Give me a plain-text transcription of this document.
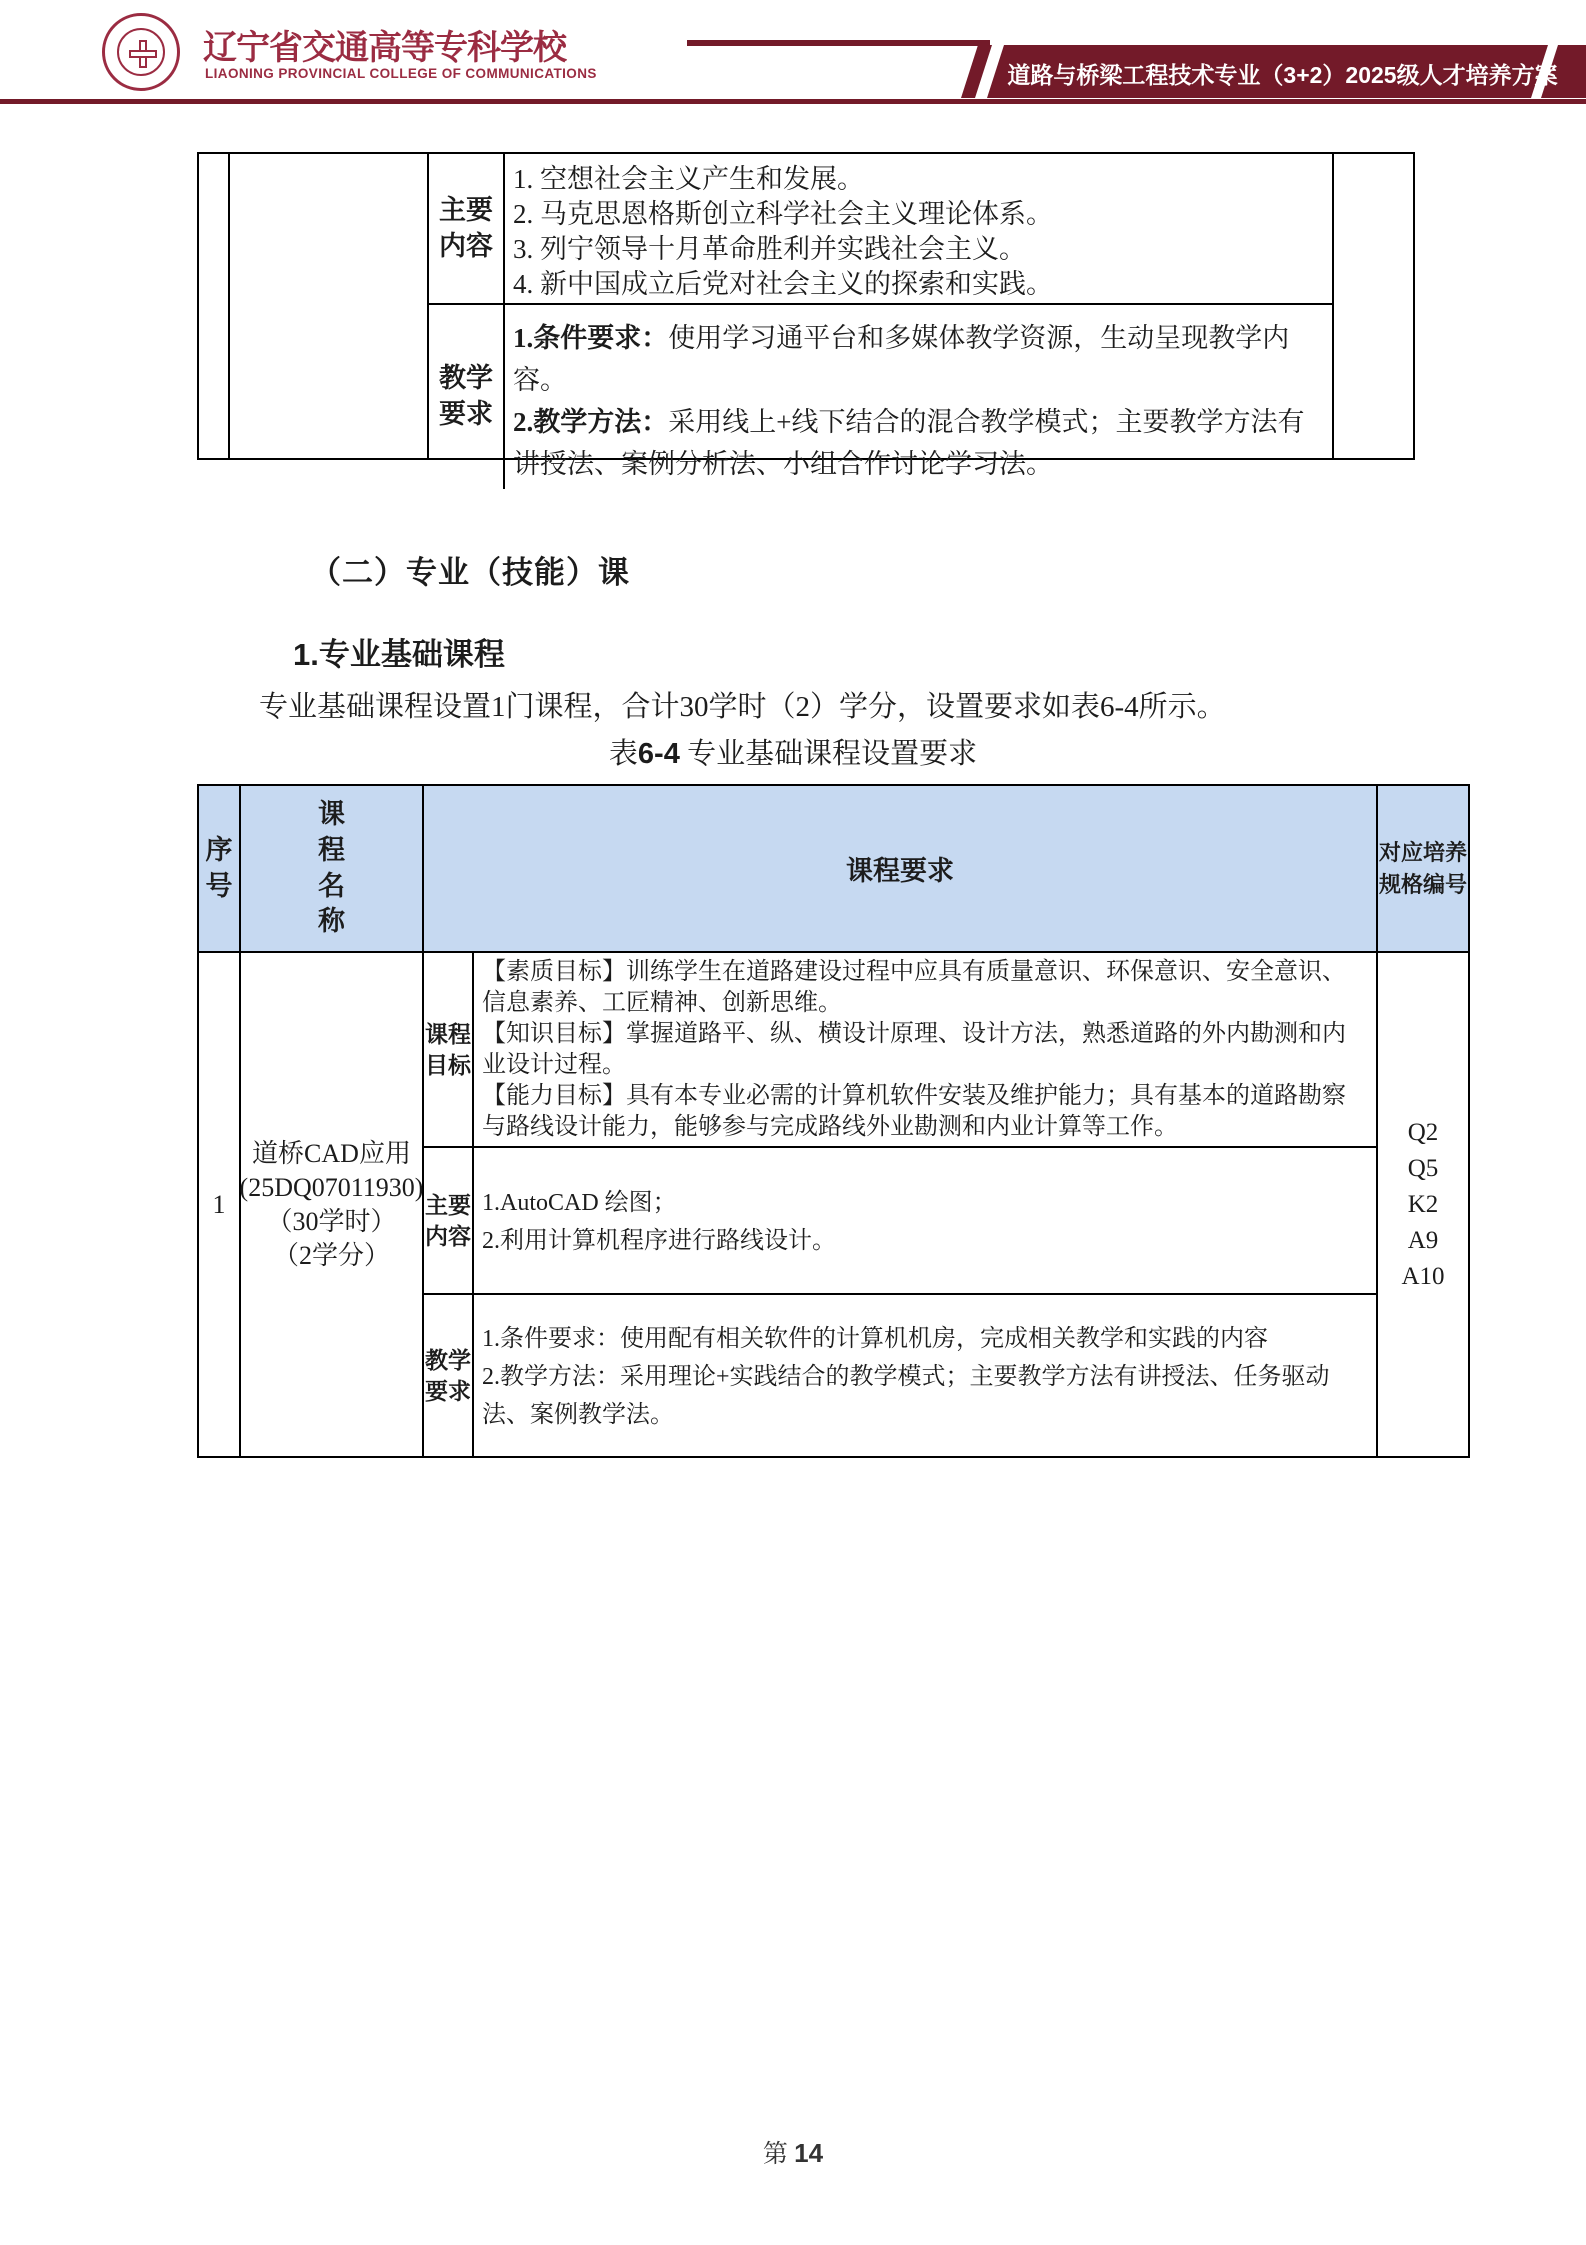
辽宁省交通高等专科学校
LIAONING PROVINCIAL COLLEGE OF COMMUNICATIONS	道路与桥梁工程技术专业（3+2）2025级人才培养方案
主要内容

1. 空想社会主义产生和发展。

2. 马克思恩格斯创立科学社会主义理论体系。

3. 列宁领导十月革命胜利并实践社会主义。

4. 新中国成立后党对社会主义的探索和实践。

教学要求

1.条件要求：使用学习通平台和多媒体教学资源，生动呈现教学内容。

2.教学方法：采用线上+线下结合的混合教学模式；主要教学方法有讲授法、案例分析法、小组合作讨论学习法。

（二）专业（技能）课
1.专业基础课程
专业基础课程设置1门课程，合计30学时（2）学分，设置要求如表6-4所示。
表6-4 专业基础课程设置要求
序号
课程名称
课程要求
对应培养
规格编号
1
道桥CAD应用
(25DQ07011930)
（30学时）
（2学分）
课程目标

【素质目标】训练学生在道路建设过程中应具有质量意识、环保意识、安全意识、信息素养、工匠精神、创新思维。

【知识目标】掌握道路平、纵、横设计原理、设计方法，熟悉道路的外内勘测和内业设计过程。

【能力目标】具有本专业必需的计算机软件安装及维护能力；具有基本的道路勘察与路线设计能力，能够参与完成路线外业勘测和内业计算等工作。

主要内容

1.AutoCAD 绘图；

2.利用计算机程序进行路线设计。

教学要求

1.条件要求：使用配有相关软件的计算机机房，完成相关教学和实践的内容

2.教学方法：采用理论+实践结合的教学模式；主要教学方法有讲授法、任务驱动法、案例教学法。

Q2
Q5
K2
A9
A10
第 14
